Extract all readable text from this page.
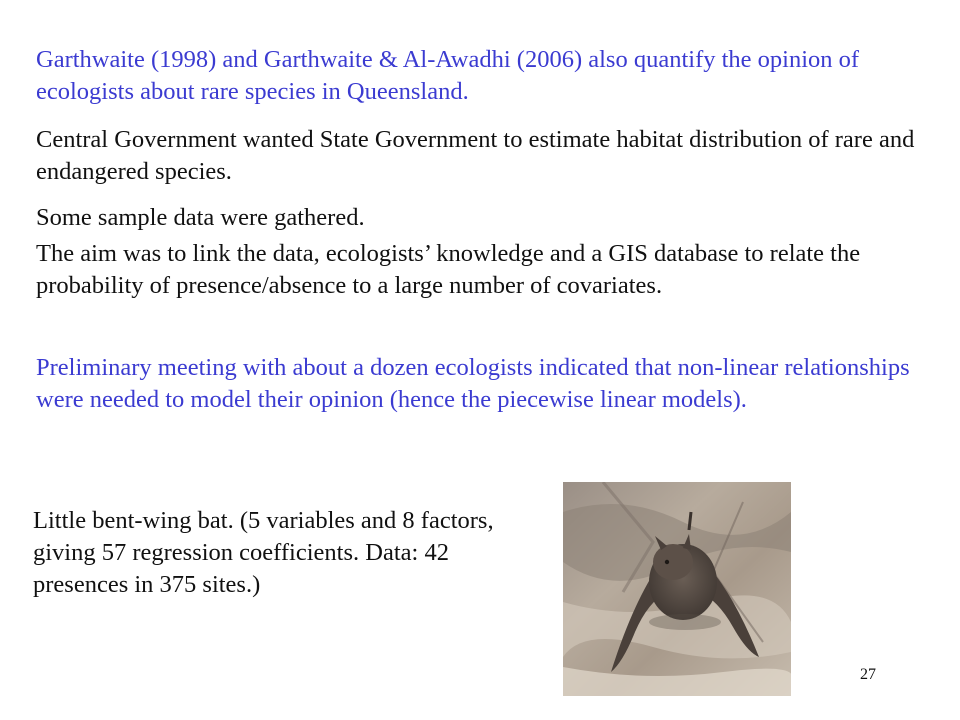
Garthwaite (1998) and Garthwaite & Al-Awadhi (2006) also quantify the opinion of ecologists about rare species in Queensland.

Central Government wanted State Government to estimate habitat distribution of rare and endangered species.

Some sample data were gathered.

The aim was to link the data, ecologists’ knowledge and a GIS database to relate the probability of presence/absence to a large number of covariates.

Preliminary meeting with about a dozen ecologists indicated that non-linear relationships were needed to model their opinion (hence the piecewise linear models).

Little bent-wing bat. (5 variables and 8 factors, giving 57 regression coefficients. Data: 42 presences in 375 sites.)

27
